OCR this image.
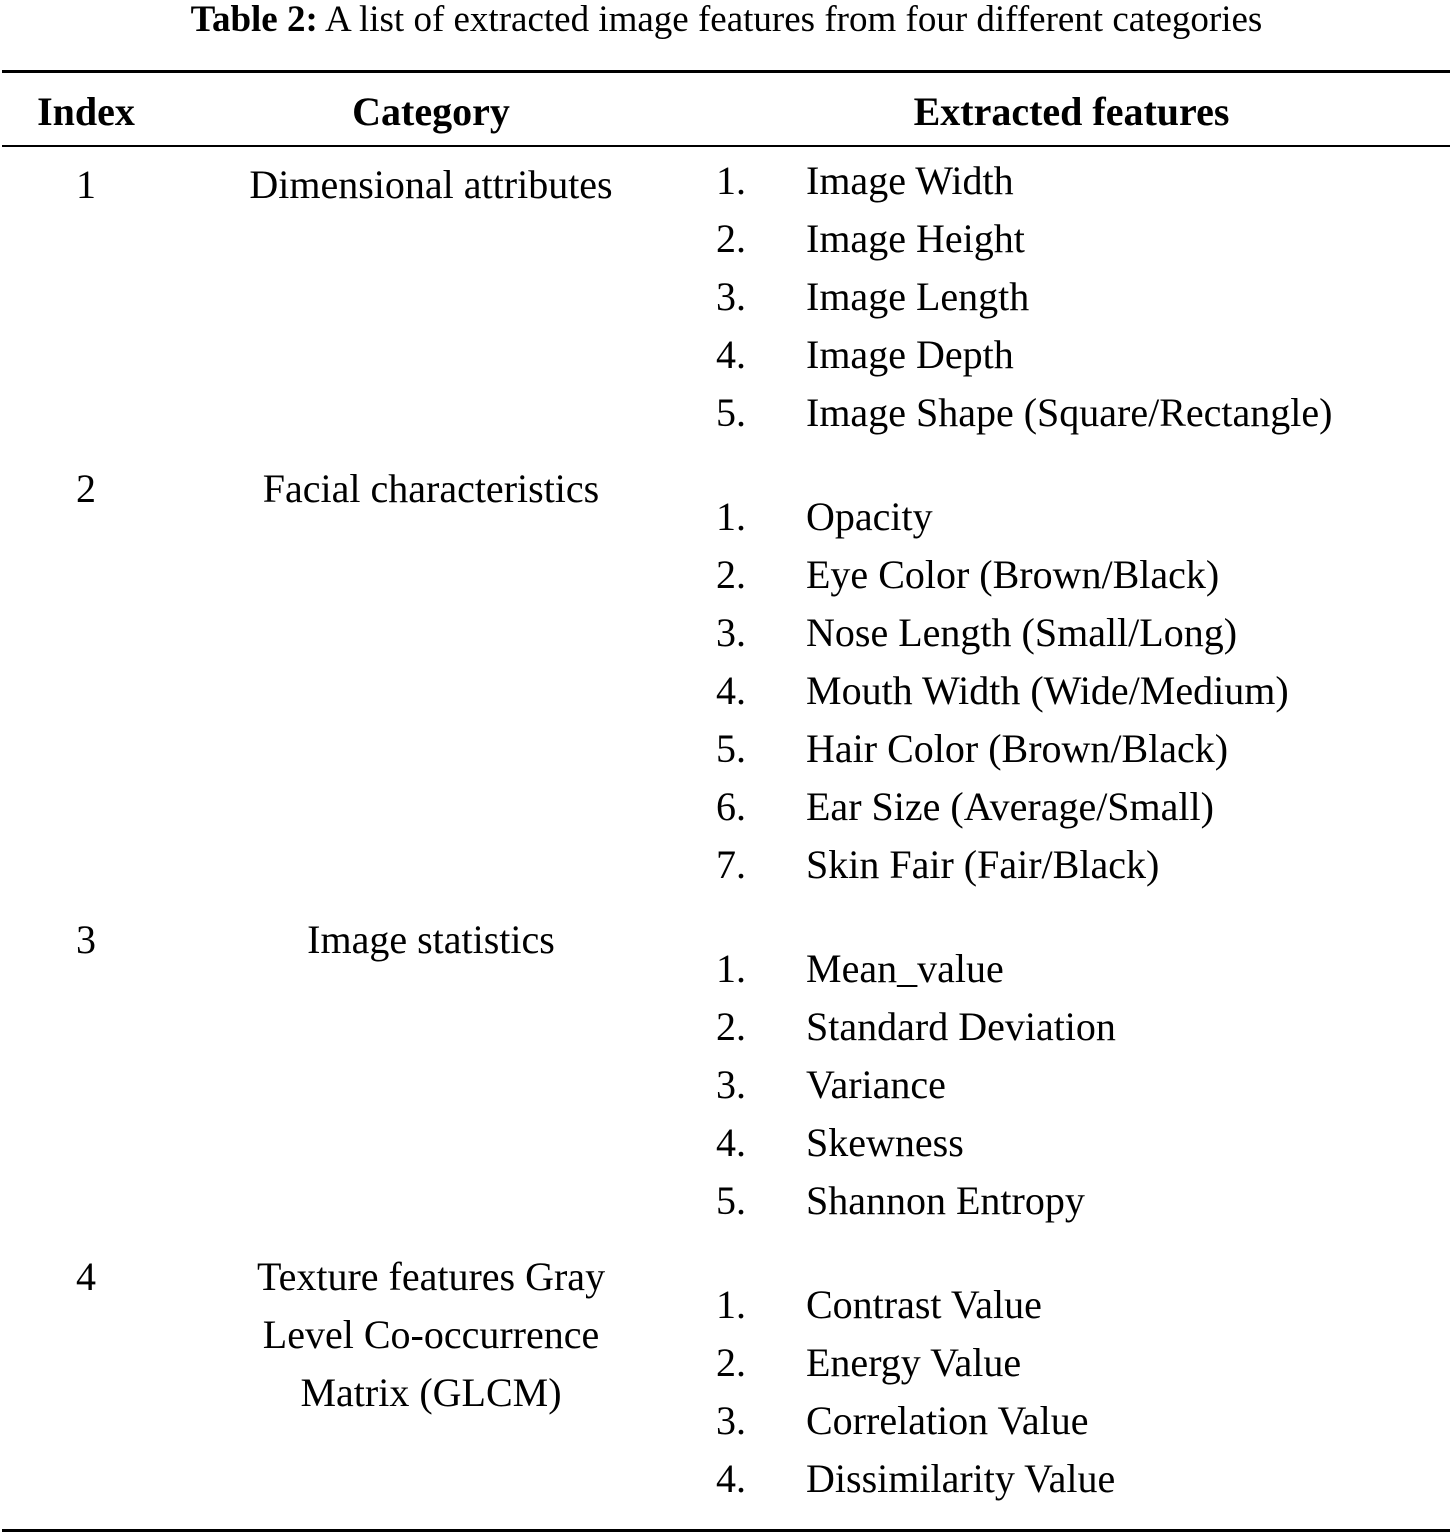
Table 2: A list of extracted image features from four different categories
Index	Category	Extracted features
1	Dimensional attributes	1.	Image Width
2.	Image Height
3.	Image Length
4.	Image Depth
5.	Image Shape (Square/Rectangle)
2	Facial characteristics
1.	Opacity
2.	Eye Color (Brown/Black)
3.	Nose Length (Small/Long)
4.	Mouth Width (Wide/Medium)
5.	Hair Color (Brown/Black)
6.	Ear Size (Average/Small)
7.	Skin Fair (Fair/Black)
3	Image statistics
1.	Mean_value
2.	Standard Deviation
3.	Variance
4.	Skewness
5.	Shannon Entropy
4	Texture features Gray Level Co-occurrence Matrix (GLCM)
1.	Contrast Value
2.	Energy Value
3.	Correlation Value
4.	Dissimilarity Value
